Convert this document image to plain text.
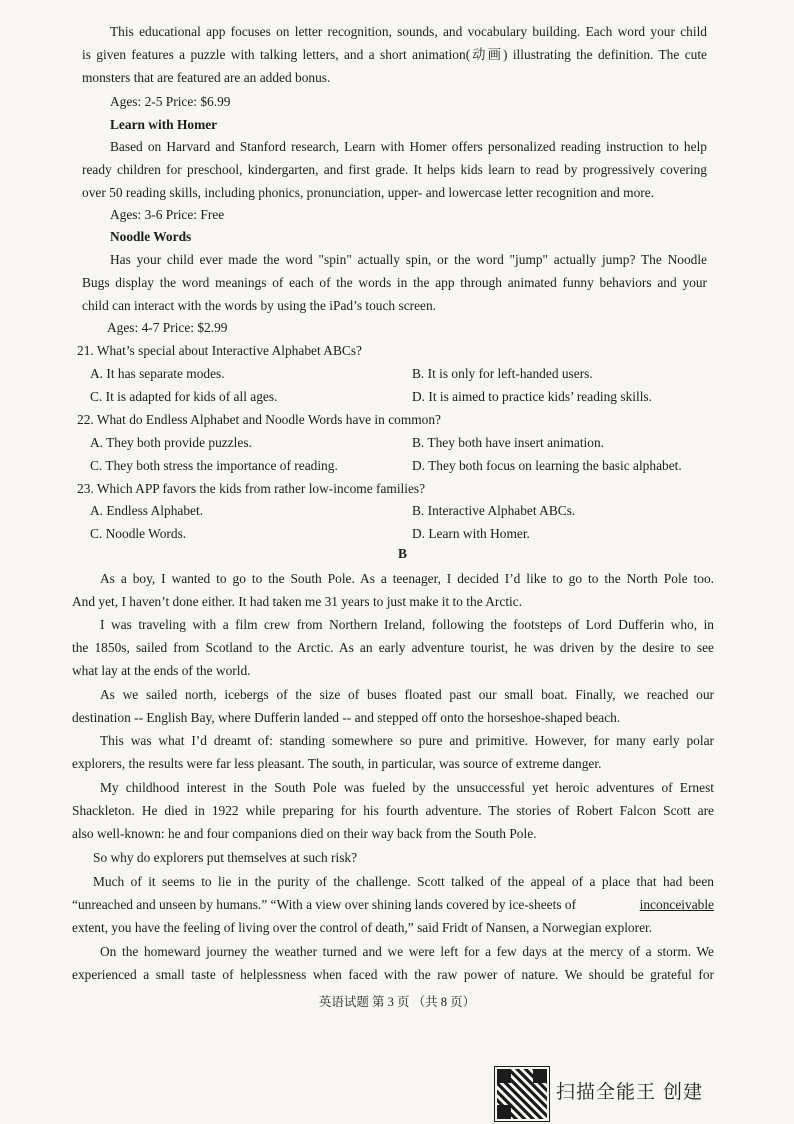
This educational app focuses on letter recognition, sounds, and vocabulary building. Each word your child
is given features a puzzle with talking letters, and a short animation(动画) illustrating the definition. The cute
monsters that are featured are an added bonus.
Ages: 2-5 Price: $6.99
Learn with Homer
Based on Harvard and Stanford research, Learn with Homer offers personalized reading instruction to help
ready children for preschool, kindergarten, and first grade. It helps kids learn to read by progressively covering
over 50 reading skills, including phonics, pronunciation, upper- and lowercase letter recognition and more.
Ages: 3-6 Price: Free
Noodle Words
Has your child ever made the word "spin" actually spin, or the word "jump" actually jump? The Noodle
Bugs display the word meanings of each of the words in the app through animated funny behaviors and your
child can interact with the words by using the iPad’s touch screen.
Ages: 4-7 Price: $2.99
21. What’s special about Interactive Alphabet ABCs?
A. It has separate modes.	B. It is only for left-handed users.
C. It is adapted for kids of all ages.	D. It is aimed to practice kids’ reading skills.
22. What do Endless Alphabet and Noodle Words have in common?
A. They both provide puzzles.	B. They both have insert animation.
C. They both stress the importance of reading.	D. They both focus on learning the basic alphabet.
23. Which APP favors the kids from rather low-income families?
A. Endless Alphabet.	B. Interactive Alphabet ABCs.
C. Noodle Words.	D. Learn with Homer.
B
As a boy, I wanted to go to the South Pole. As a teenager, I decided I’d like to go to the North Pole too.
And yet, I haven’t done either. It had taken me 31 years to just make it to the Arctic.
I was traveling with a film crew from Northern Ireland, following the footsteps of Lord Dufferin who, in
the 1850s, sailed from Scotland to the Arctic. As an early adventure tourist, he was driven by the desire to see
what lay at the ends of the world.
As we sailed north, icebergs of the size of buses floated past our small boat. Finally, we reached our
destination -- English Bay, where Dufferin landed -- and stepped off onto the horseshoe-shaped beach.
This was what I’d dreamt of: standing somewhere so pure and primitive. However, for many early polar
explorers, the results were far less pleasant. The south, in particular, was source of extreme danger.
My childhood interest in the South Pole was fueled by the unsuccessful yet heroic adventures of Ernest
Shackleton. He died in 1922 while preparing for his fourth adventure. The stories of Robert Falcon Scott are
also well-known: he and four companions died on their way back from the South Pole.
So why do explorers put themselves at such risk?
Much of it seems to lie in the purity of the challenge. Scott talked of the appeal of a place that had been
“unreached and unseen by humans.” “With a view over shining lands covered by ice-sheets of	inconceivable
extent, you have the feeling of living over the control of death,” said Fridt of Nansen, a Norwegian explorer.
On the homeward journey the weather turned and we were left for a few days at the mercy of a storm. We
experienced a small taste of helplessness when faced with the raw power of nature. We should be grateful for
英语试题 第 3 页 （共 8 页）
扫描全能王 创建
